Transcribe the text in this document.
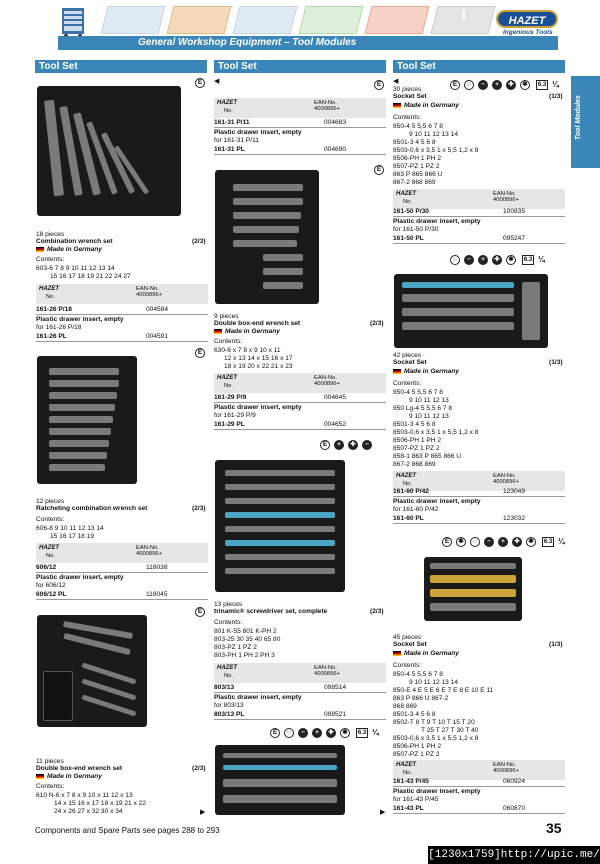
i
General Workshop Equipment – Tool Modules
HAZET
Ingenious Tools
Tool Modules
Tool Set
E
18 pieces
Combination wrench set	(2/3)
Made in Germany
Contents:
603-6 7 8 9 10 11 12 13 14
15 16 17 18 19 21 22 24 27
HAZET
No.
EAN-No.
4000896+
161-26 P/18	004584
Plastic drawer insert, empty
for 161-26 P/18
161-26 PL	004591
E
12 pieces
Ratcheting combination wrench set	(2/3)
Contents:
606-8 9 10 11 12 13 14
15 16 17 18 19
HAZET
No.
EAN-No.
4000896+
606/12	118038
Plastic drawer insert, empty
for 606/12
606/12 PL	118045
E
11 pieces
Double box-end wrench set	(2/3)
Made in Germany
Contents:
610 N-6 x 7 8 x 9 10 x 11 12 x 13
14 x 15 16 x 17 18 x 19 21 x 22
24 x 26 27 x 32 30 x 34	▶
Tool Set
◀	E
HAZET
No.
EAN-No.
4000896+
161-31 P/11	004683
Plastic drawer insert, empty
for 161-31 P/11
161-31 PL	004690
E
9 pieces
Double box-end wrench set	(2/3)
Made in Germany
Contents:
630-6 x 7 8 x 9 10 x 11
12 x 13 14 x 15 16 x 17
18 x 19 20 x 22 21 x 23
HAZET
No.
EAN-No.
4000896+
161-29 P/9	004645
Plastic drawer insert, empty
for 161-29 P/9
161-29 PL	004652
E	+	✚	−
13 pieces
trinamic® screwdriver set, complete	(2/3)
Contents:
801 K-55 801 K-PH 2
803-25 30 35 40 65 80
803-PZ 1 PZ 2
803-PH 1 PH 2 PH 3
HAZET
No.
EAN-No.
4000896+
803/13	098514
Plastic drawer insert, empty
for 803/13
803/13 PL	098521
E	○	−	+	✚	✱	6.3 ¼
▶
Tool Set
◀	E	○	−	+	✚	✱	6.3 ¼
30 pieces
Socket Set	(1/3)
Made in Germany
Contents:
850-4 5 5,5 6 7 8
9 10 11 12 13 14
8501-3 4 5 6 8
8503-0,6 x 3,5 1 x 5,5 1,2 x 8
8506-PH 1 PH 2
8507-PZ 1 PZ 2
863 P 865 866 U
867-2 868 869
HAZET
No.
EAN-No.
4000896+
161-50 P/30	100835
Plastic drawer insert, empty
for 161-50 P/30
161-50 PL	095247
○	−	+	✚	✱	6.3 ¼
42 pieces
Socket Set	(1/3)
Made in Germany
Contents:
850-4 5 5,5 6 7 8
9 10 11 12 13
850 Lg-4 5 5,5 6 7 8
9 10 11 12 13
8501-3 4 5 6 8
8503-0,6 x 3,5 1 x 5,5 1,2 x 8
8506-PH 1 PH 2
8507-PZ 1 PZ 2
858-1 863 P 865 866 U
867-2 868 869
HAZET
No.
EAN-No.
4000896+
161-60 P/42	123049
Plastic drawer insert, empty
for 161-60 P/42
161-60 PL	123032
E	✱	○	−	+	✚	✱	6.3 ¼
45 pieces
Socket Set	(1/3)
Made in Germany
Contents:
850-4 5 5,5 6 7 8
9 10 11 12 13 14
850-E 4 E 5 E 6 E 7 E 8 E 10 E 11
863 P 866 U 867-2
868 869
8501-3 4 5 6 8
8502-T 8 T 9 T 10 T 15 T 20
T 25 T 27 T 30 T 40
8503-0,6 x 3,5 1 x 5,5 1,2 x 8
8506-PH 1 PH 2
8507-PZ 1 PZ 2
HAZET
No.
EAN-No.
4000896+
161-43 P/45	060924
Plastic drawer insert, empty
for 161-43 P/45
161-43 PL	060870
Components and Spare Parts see pages 288 to 293	35
[1230x1759]http://upic.me/
